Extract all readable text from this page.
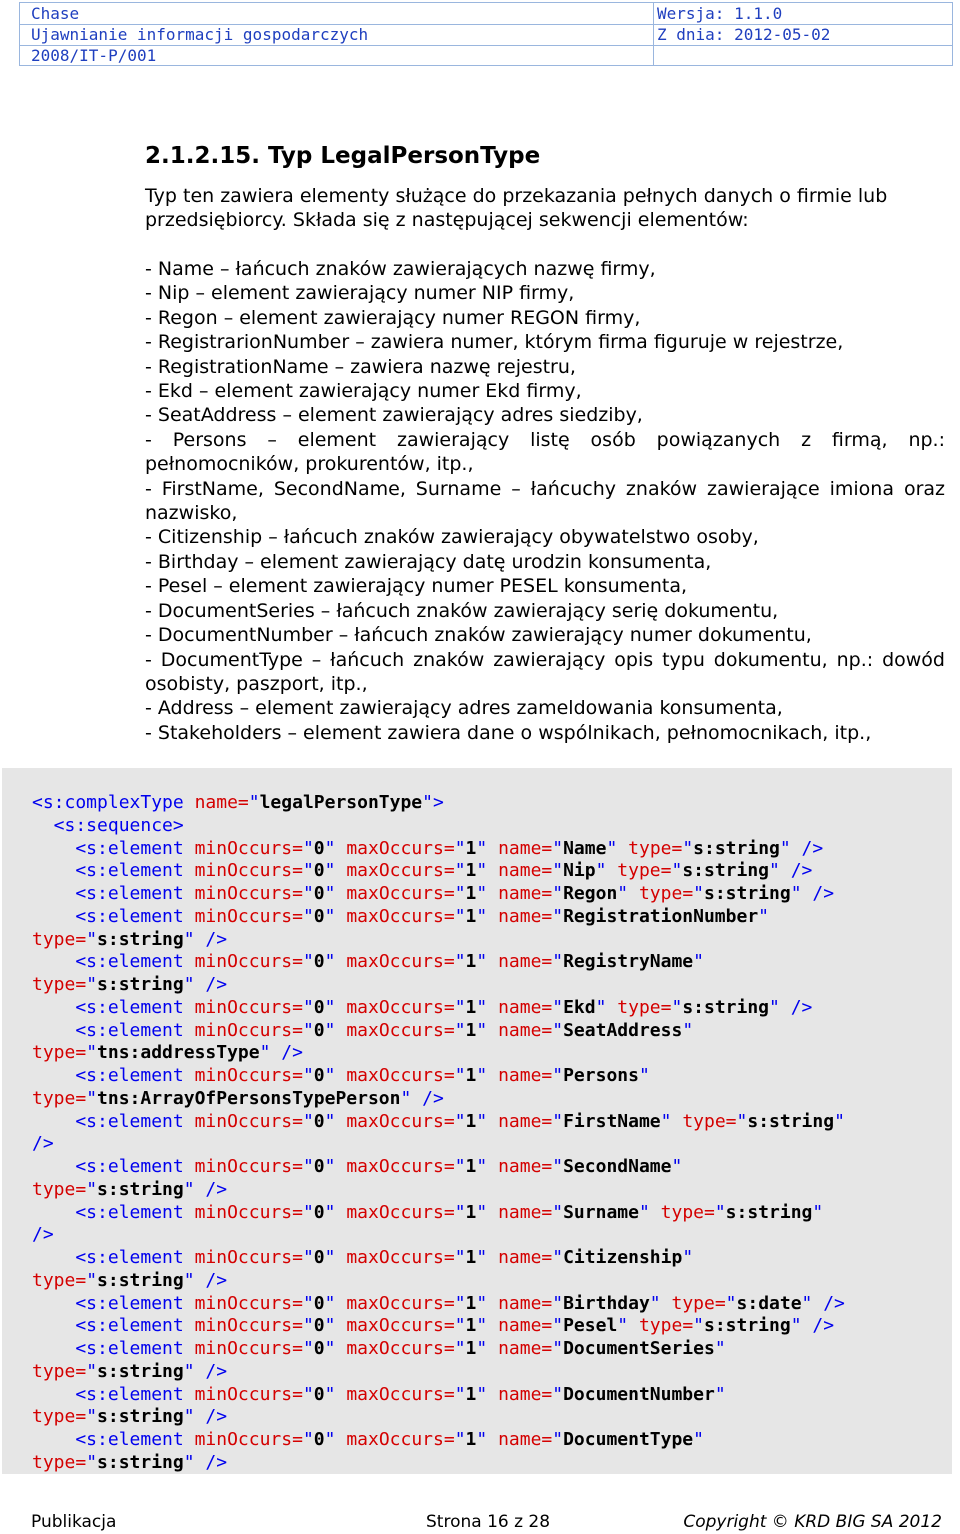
Chase
Ujawnianie informacji gospodarczych
2008/IT-P/001
Wersja: 1.1.0
Z dnia: 2012-05-02
2.1.2.15. Typ LegalPersonType
Typ ten zawiera elementy służące do przekazania pełnych danych o firmie lub przedsiębiorcy. Składa się z następującej sekwencji elementów:
- Name – łańcuch znaków zawierających nazwę firmy,
- Nip – element zawierający numer NIP firmy,
- Regon – element zawierający numer REGON firmy,
- RegistrarionNumber – zawiera numer, którym firma figuruje w rejestrze,
- RegistrationName – zawiera nazwę rejestru,
- Ekd – element zawierający numer Ekd firmy,
- SeatAddress – element zawierający adres siedziby,
- Persons – element zawierający listę osób powiązanych z firmą, np.: pełnomocników, prokurentów, itp.,
- FirstName, SecondName, Surname – łańcuchy znaków zawierające imiona oraz nazwisko,
- Citizenship – łańcuch znaków zawierający obywatelstwo osoby,
- Birthday – element zawierający datę urodzin konsumenta,
- Pesel – element zawierający numer PESEL konsumenta,
- DocumentSeries – łańcuch znaków zawierający serię dokumentu,
- DocumentNumber – łańcuch znaków zawierający numer dokumentu,
- DocumentType – łańcuch znaków zawierający opis typu dokumentu, np.: dowód osobisty, paszport, itp.,
- Address – element zawierający adres zameldowania konsumenta,
- Stakeholders – element zawiera dane o wspólnikach, pełnomocnikach, itp.,
<s:complexType name="legalPersonType">
<s:sequence>
<s:element minOccurs="0" maxOccurs="1" name="Name" type="s:string" />
<s:element minOccurs="0" maxOccurs="1" name="Nip" type="s:string" />
<s:element minOccurs="0" maxOccurs="1" name="Regon" type="s:string" />
<s:element minOccurs="0" maxOccurs="1" name="RegistrationNumber"
type="s:string" />
<s:element minOccurs="0" maxOccurs="1" name="RegistryName"
type="s:string" />
<s:element minOccurs="0" maxOccurs="1" name="Ekd" type="s:string" />
<s:element minOccurs="0" maxOccurs="1" name="SeatAddress"
type="tns:addressType" />
<s:element minOccurs="0" maxOccurs="1" name="Persons"
type="tns:ArrayOfPersonsTypePerson" />
<s:element minOccurs="0" maxOccurs="1" name="FirstName" type="s:string"
/>
<s:element minOccurs="0" maxOccurs="1" name="SecondName"
type="s:string" />
<s:element minOccurs="0" maxOccurs="1" name="Surname" type="s:string"
/>
<s:element minOccurs="0" maxOccurs="1" name="Citizenship"
type="s:string" />
<s:element minOccurs="0" maxOccurs="1" name="Birthday" type="s:date" />
<s:element minOccurs="0" maxOccurs="1" name="Pesel" type="s:string" />
<s:element minOccurs="0" maxOccurs="1" name="DocumentSeries"
type="s:string" />
<s:element minOccurs="0" maxOccurs="1" name="DocumentNumber"
type="s:string" />
<s:element minOccurs="0" maxOccurs="1" name="DocumentType"
type="s:string" />
Publikacja	Strona 16 z 28	Copyright © KRD BIG SA 2012
